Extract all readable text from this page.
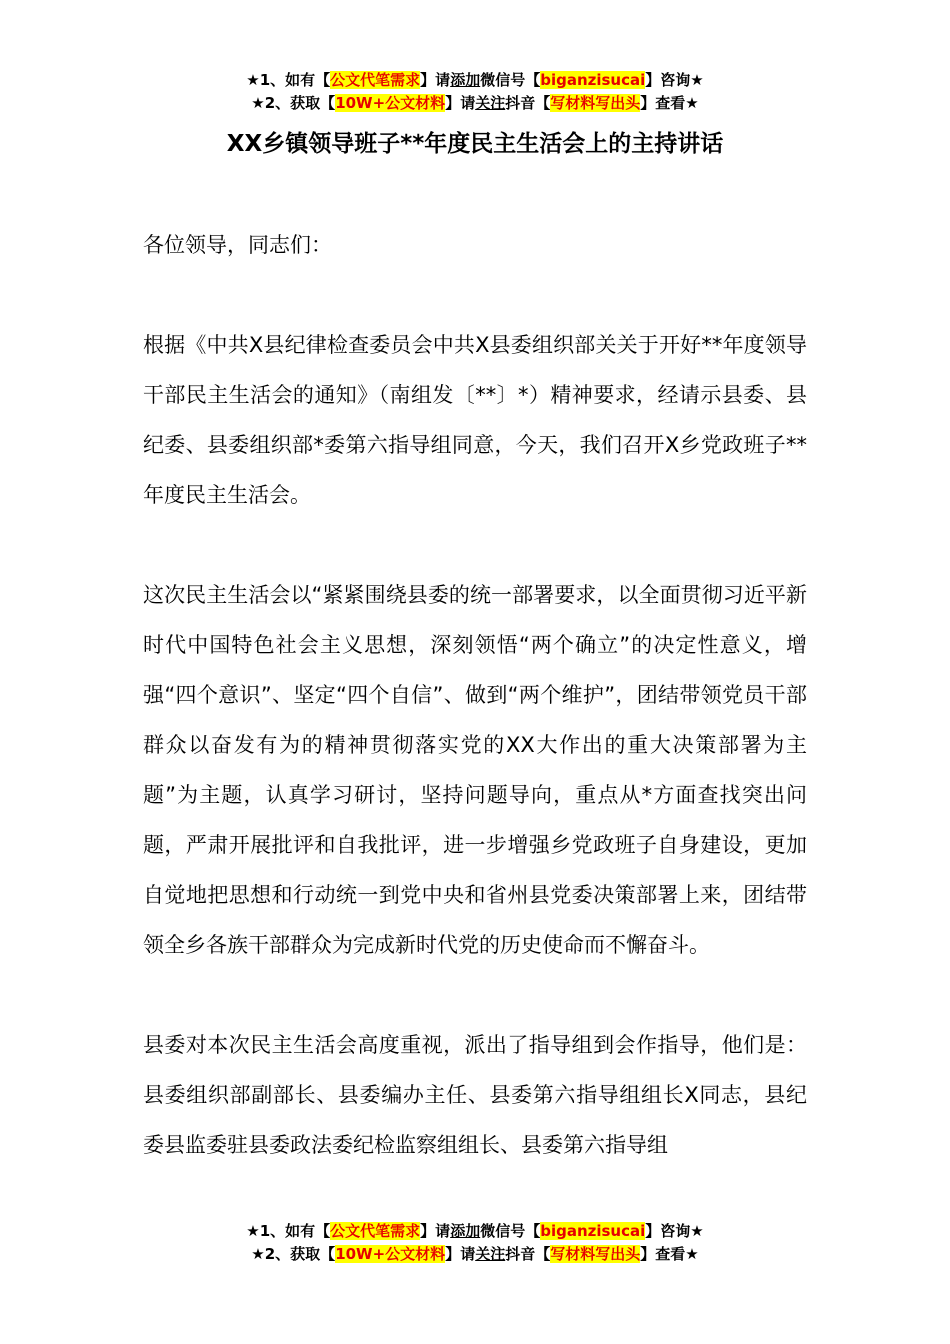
★1、如有【公文代笔需求】请添加微信号【biganzisucai】咨询★
★2、获取【10W+公文材料】请关注抖音【写材料写出头】查看★
XX乡镇领导班子**年度民主生活会上的主持讲话

各位领导，同志们：

根据《中共X县纪律检查委员会中共X县委组织部关关于开好**年度领导干部民主生活会的通知》（南组发〔**〕*）精神要求，经请示县委、县纪委、县委组织部*委第六指导组同意，今天，我们召开X乡党政班子**年度民主生活会。

这次民主生活会以“紧紧围绕县委的统一部署要求，以全面贯彻习近平新时代中国特色社会主义思想，深刻领悟“两个确立”的决定性意义，增强“四个意识”、坚定“四个自信”、做到“两个维护”，团结带领党员干部群众以奋发有为的精神贯彻落实党的XX大作出的重大决策部署为主题”为主题，认真学习研讨，坚持问题导向，重点从*方面查找突出问题，严肃开展批评和自我批评，进一步增强乡党政班子自身建设，更加自觉地把思想和行动统一到党中央和省州县党委决策部署上来，团结带领全乡各族干部群众为完成新时代党的历史使命而不懈奋斗。

县委对本次民主生活会高度重视，派出了指导组到会作指导，他们是：县委组织部副部长、县委编办主任、县委第六指导组组长X同志，县纪委县监委驻县委政法委纪检监察组组长、县委第六指导组

★1、如有【公文代笔需求】请添加微信号【biganzisucai】咨询★
★2、获取【10W+公文材料】请关注抖音【写材料写出头】查看★
